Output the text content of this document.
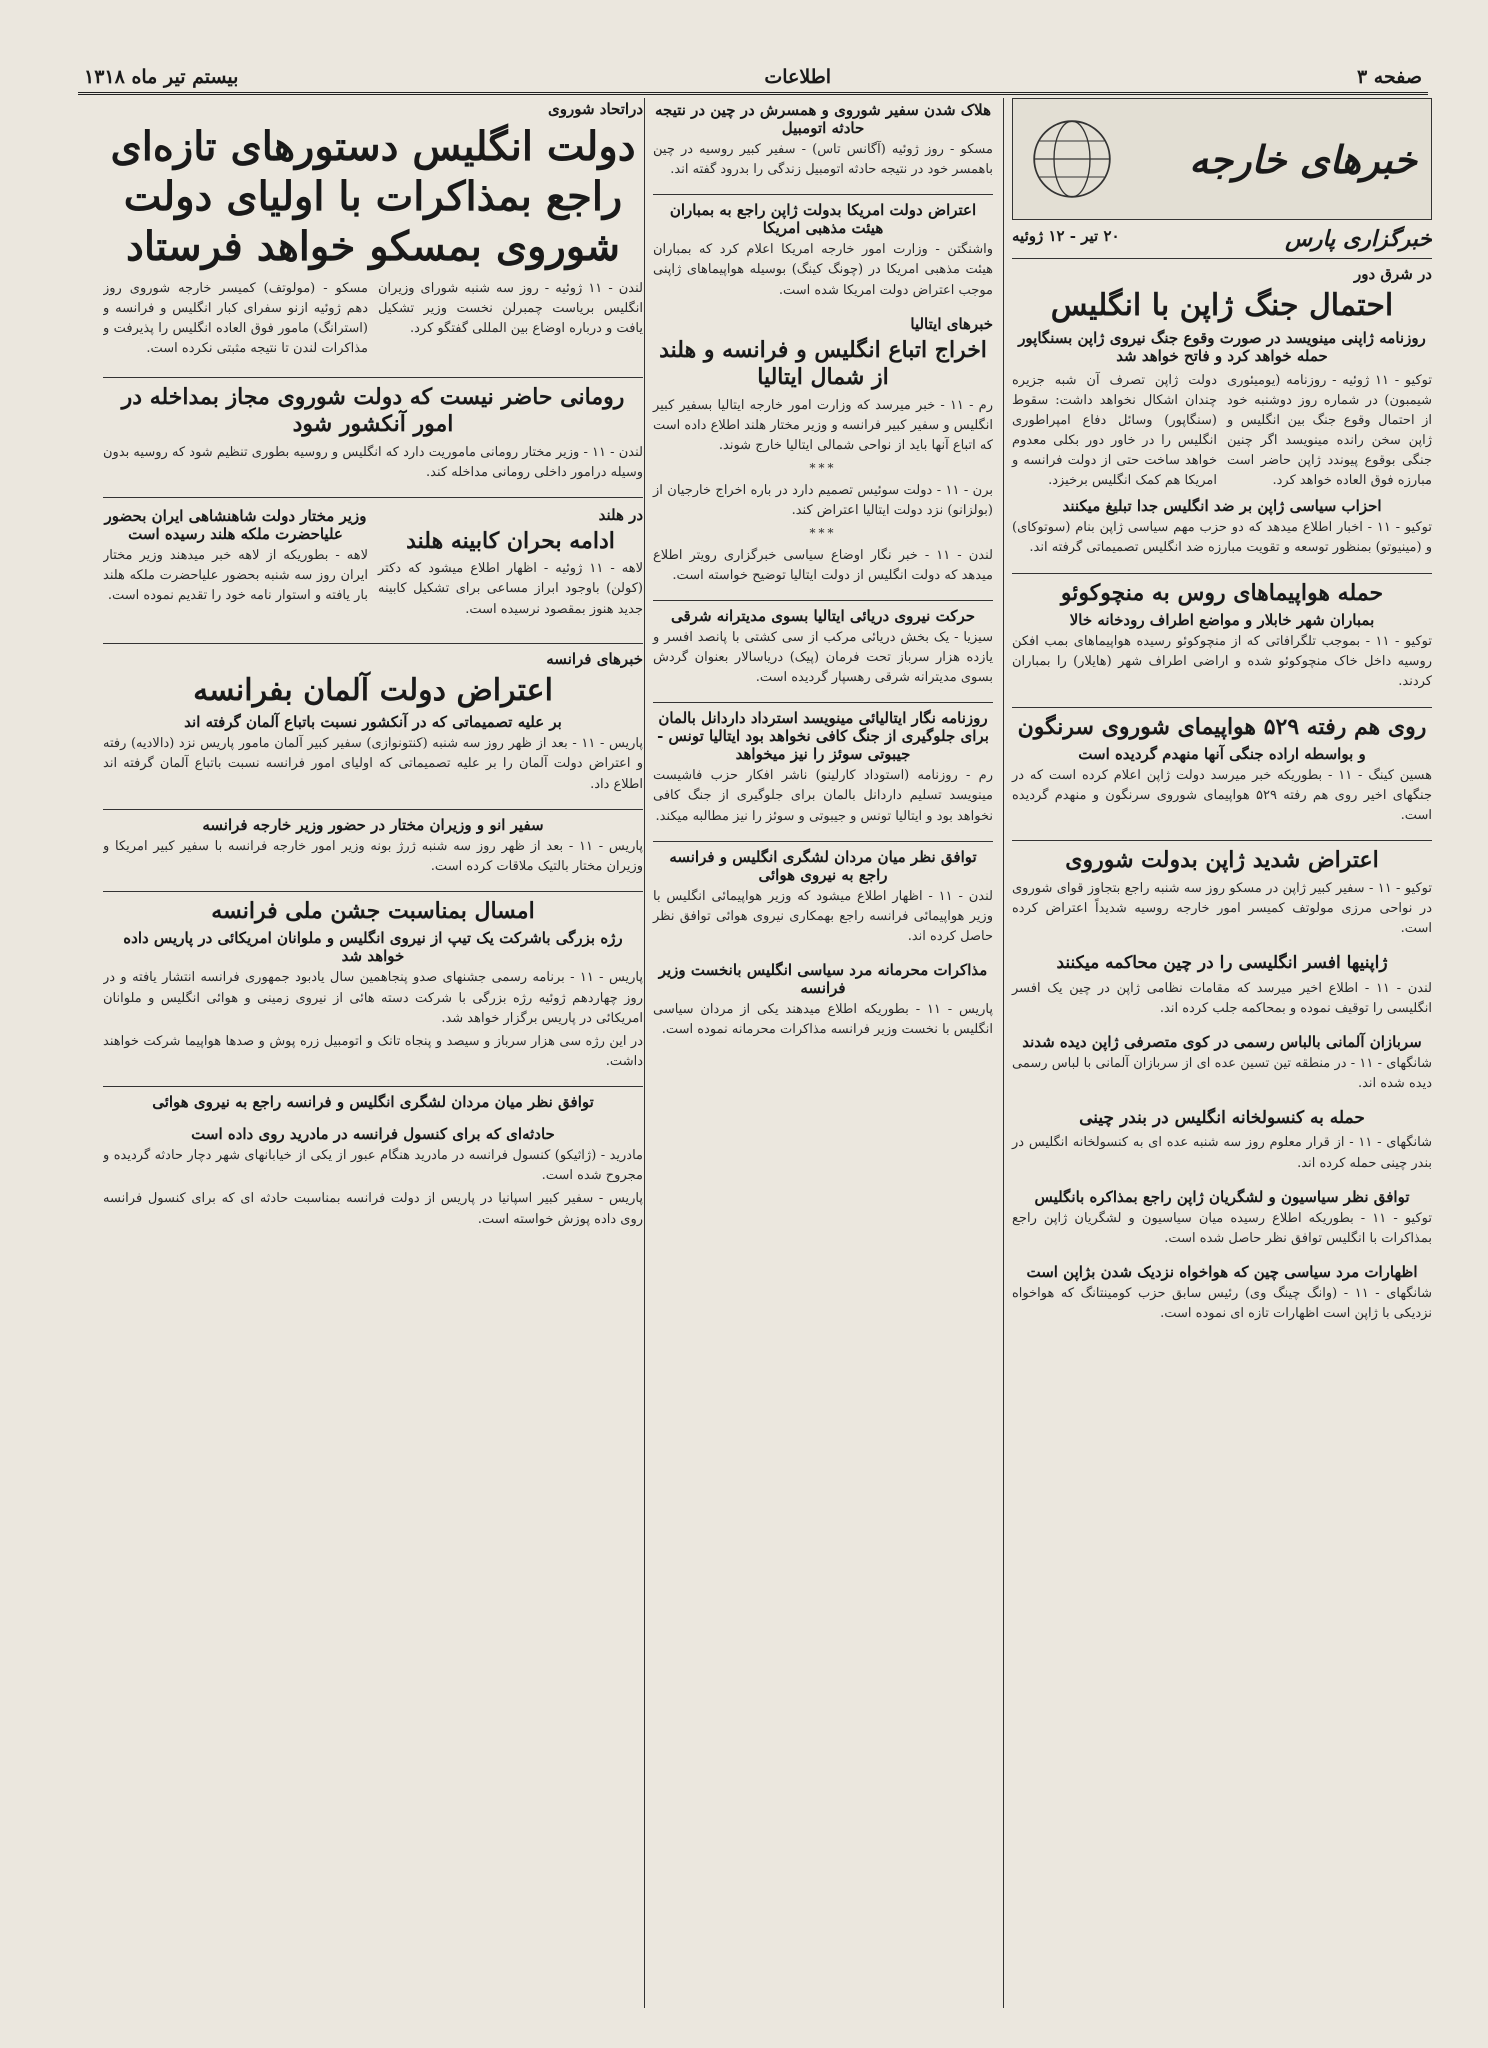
صفحه ۳
اطلاعات
بیستم تیر ماه ۱۳۱۸
خبرهای خارجه
خبرگزاری پارس
۲۰ تیر - ۱۲ ژوئیه
در شرق دور
احتمال جنگ ژاپن با انگلیس
روزنامه ژاپنی مینویسد در صورت وقوع جنگ نیروی ژاپن بسنگاپور حمله خواهد کرد و فاتح خواهد شد

توکیو - ۱۱ ژوئیه - روزنامه (یومیئوری شیمبون) در شماره روز دوشنبه خود از احتمال وقوع جنگ بین انگلیس و ژاپن سخن رانده مینویسد اگر چنین جنگی بوقوع پیوندد ژاپن حاضر است مبارزه فوق العاده خواهد کرد.

دولت ژاپن تصرف آن شبه جزیره چندان اشکال نخواهد داشت: سقوط (سنگاپور) وسائل دفاع امپراطوری انگلیس را در خاور دور بکلی معدوم خواهد ساخت حتی از دولت فرانسه و امریکا هم کمک انگلیس برخیزد.

احزاب سیاسی ژاپن بر ضد انگلیس جدا تبلیغ میکنند

توکیو - ۱۱ - اخبار اطلاع میدهد که دو حزب مهم سیاسی ژاپن بنام (سوتوکای) و (مینیوتو) بمنظور توسعه و تقویت مبارزه ضد انگلیس تصمیماتی گرفته اند.

حمله هواپیماهای روس به منچوکوئو
بمباران شهر خابلار و مواضع اطراف رودخانه خالا

توکیو - ۱۱ - بموجب تلگرافاتی که از منچوکوئو رسیده هواپیماهای بمب افکن روسیه داخل خاک منچوکوئو شده و اراضی اطراف شهر (هایلار) را بمباران کردند.

روی هم رفته ۵۲۹ هواپیمای شوروی سرنگون
و بواسطه اراده جنگی آنها منهدم گردیده است

هسین کینگ - ۱۱ - بطوریکه خبر میرسد دولت ژاپن اعلام کرده است که در جنگهای اخیر روی هم رفته ۵۲۹ هواپیمای شوروی سرنگون و منهدم گردیده است.

اعتراض شدید ژاپن بدولت شوروی

توکیو - ۱۱ - سفیر کبیر ژاپن در مسکو روز سه شنبه راجع بتجاوز قوای شوروی در نواحی مرزی مولوتف کمیسر امور خارجه روسیه شدیداً اعتراض کرده است.

ژاپنیها افسر انگلیسی را در چین محاکمه میکنند

لندن - ۱۱ - اطلاع اخیر میرسد که مقامات نظامی ژاپن در چین یک افسر انگلیسی را توقیف نموده و بمحاکمه جلب کرده اند.

سربازان آلمانی بالباس رسمی در کوی متصرفی ژاپن دیده شدند

شانگهای - ۱۱ - در منطقه تین تسین عده ای از سربازان آلمانی با لباس رسمی دیده شده اند.

حمله به کنسولخانه انگلیس در بندر چینی

شانگهای - ۱۱ - از قرار معلوم روز سه شنبه عده ای به کنسولخانه انگلیس در بندر چینی حمله کرده اند.

توافق نظر سیاسیون و لشگریان ژاپن راجع بمذاکره بانگلیس

توکیو - ۱۱ - بطوریکه اطلاع رسیده میان سیاسیون و لشگریان ژاپن راجع بمذاکرات با انگلیس توافق نظر حاصل شده است.

اظهارات مرد سیاسی چین که هواخواه نزدیک شدن بژاپن است

شانگهای - ۱۱ - (وانگ چینگ وی) رئیس سابق حزب کومینتانگ که هواخواه نزدیکی با ژاپن است اظهارات تازه ای نموده است.

هلاک شدن سفیر شوروی و همسرش در چین در نتیجه حادثه اتومبیل

مسکو - روز ژوئیه (آگانس تاس) - سفیر کبیر روسیه در چین باهمسر خود در نتیجه حادثه اتومبیل زندگی را بدرود گفته اند.

اعتراض دولت امریکا بدولت ژاپن راجع به بمباران هیئت مذهبی امریکا

واشنگتن - وزارت امور خارجه امریکا اعلام کرد که بمباران هیئت مذهبی امریکا در (چونگ کینگ) بوسیله هواپیماهای ژاپنی موجب اعتراض دولت امریکا شده است.

خبرهای ایتالیا
اخراج اتباع انگلیس و فرانسه و هلند از شمال ایتالیا

رم - ۱۱ - خبر میرسد که وزارت امور خارجه ایتالیا بسفیر کبیر انگلیس و سفیر کبیر فرانسه و وزیر مختار هلند اطلاع داده است که اتباع آنها باید از نواحی شمالی ایتالیا خارج شوند.

***

برن - ۱۱ - دولت سوئیس تصمیم دارد در باره اخراج خارجیان از (بولزانو) نزد دولت ایتالیا اعتراض کند.

***

لندن - ۱۱ - خبر نگار اوضاع سیاسی خبرگزاری رویتر اطلاع میدهد که دولت انگلیس از دولت ایتالیا توضیح خواسته است.

حرکت نیروی دریائی ایتالیا بسوی مدیترانه شرقی

سیزیا - یک بخش دریائی مرکب از سی کشتی با پانصد افسر و یازده هزار سرباز تحت فرمان (پیک) دریاسالار بعنوان گردش بسوی مدیترانه شرقی رهسپار گردیده است.

روزنامه نگار ایتالیائی مینویسد استرداد داردانل بالمان برای جلوگیری از جنگ کافی نخواهد بود ایتالیا تونس - جیبوتی سوئز را نیز میخواهد

رم - روزنامه (استوداد کارلینو) ناشر افکار حزب فاشیست مینویسد تسلیم داردانل بالمان برای جلوگیری از جنگ کافی نخواهد بود و ایتالیا تونس و جیبوتی و سوئز را نیز مطالبه میکند.

توافق نظر میان مردان لشگری انگلیس و فرانسه راجع به نیروی هوائی

لندن - ۱۱ - اظهار اطلاع میشود که وزیر هواپیمائی انگلیس با وزیر هواپیمائی فرانسه راجع بهمکاری نیروی هوائی توافق نظر حاصل کرده اند.

مذاکرات محرمانه مرد سیاسی انگلیس بانخست وزیر فرانسه

پاریس - ۱۱ - بطوریکه اطلاع میدهند یکی از مردان سیاسی انگلیس با نخست وزیر فرانسه مذاکرات محرمانه نموده است.

دراتحاد شوروی
دولت انگلیس دستورهای تازه‌ای راجع بمذاکرات با اولیای دولت شوروی بمسکو خواهد فرستاد

لندن - ۱۱ ژوئیه - روز سه شنبه شورای وزیران انگلیس بریاست چمبرلن نخست وزیر تشکیل یافت و درباره اوضاع بین المللی گفتگو کرد.

مسکو - (مولوتف) کمیسر خارجه شوروی روز دهم ژوئیه ازنو سفرای کبار انگلیس و فرانسه و (استرانگ) مامور فوق العاده انگلیس را پذیرفت و مذاکرات لندن تا نتیجه مثبتی نکرده است.

رومانی حاضر نیست که دولت شوروی مجاز بمداخله در امور آنکشور شود

لندن - ۱۱ - وزیر مختار رومانی ماموریت دارد که انگلیس و روسیه بطوری تنظیم شود که روسیه بدون وسیله درامور داخلی رومانی مداخله کند.

در هلند
ادامه بحران کابینه هلند

لاهه - ۱۱ ژوئیه - اظهار اطلاع میشود که دکتر (کولن) باوجود ابراز مساعی برای تشکیل کابینه جدید هنوز بمقصود نرسیده است.

وزیر مختار دولت شاهنشاهی ایران بحضور علیاحضرت ملکه هلند رسیده است

لاهه - بطوریکه از لاهه خبر میدهند وزیر مختار ایران روز سه شنبه بحضور علیاحضرت ملکه هلند بار یافته و استوار نامه خود را تقدیم نموده است.

خبرهای فرانسه
اعتراض دولت آلمان بفرانسه
بر علیه تصمیماتی که در آنکشور نسبت باتباع آلمان گرفته اند

پاریس - ۱۱ - بعد از ظهر روز سه شنبه (کنتونوازی) سفیر کبیر آلمان مامور پاریس نزد (دالادیه) رفته و اعتراض دولت آلمان را بر علیه تصمیماتی که اولیای امور فرانسه نسبت باتباع آلمان گرفته اند اطلاع داد.

سفیر انو و وزیران مختار در حضور وزیر خارجه فرانسه

پاریس - ۱۱ - بعد از ظهر روز سه شنبه ژرژ بونه وزیر امور خارجه فرانسه با سفیر کبیر امریکا و وزیران مختار بالتیک ملاقات کرده است.

امسال بمناسبت جشن ملی فرانسه
رژه بزرگی باشرکت یک تیپ از نیروی انگلیس و ملوانان امریکائی در پاریس داده خواهد شد

پاریس - ۱۱ - برنامه رسمی جشنهای صدو پنجاهمین سال یادبود جمهوری فرانسه انتشار یافته و در روز چهاردهم ژوئیه رژه بزرگی با شرکت دسته هائی از نیروی زمینی و هوائی انگلیس و ملوانان امریکائی در پاریس برگزار خواهد شد.

در این رژه سی هزار سرباز و سیصد و پنجاه تانک و اتومبیل زره پوش و صدها هواپیما شرکت خواهند داشت.

توافق نظر میان مردان لشگری انگلیس و فرانسه راجع به نیروی هوائی
حادثه‌ای که برای کنسول فرانسه در مادرید روی داده است

مادرید - (ژاثیکو) کنسول فرانسه در مادرید هنگام عبور از یکی از خیابانهای شهر دچار حادثه گردیده و مجروح شده است.

پاریس - سفیر کبیر اسپانیا در پاریس از دولت فرانسه بمناسبت حادثه ای که برای کنسول فرانسه روی داده پوزش خواسته است.
